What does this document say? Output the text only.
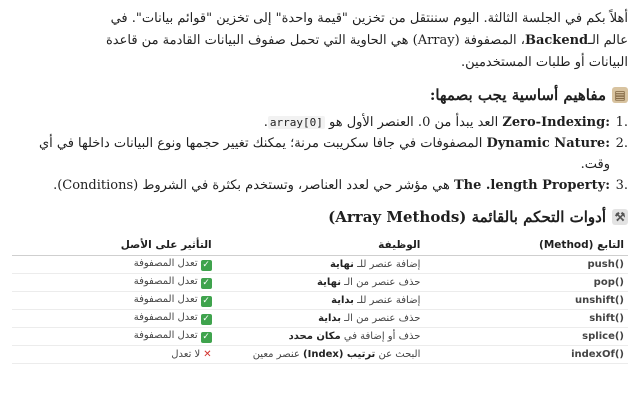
أهلاً بكم في الجلسة الثالثة. اليوم سننتقل من تخزين "قيمة واحدة" إلى تخزين "قوائم بيانات". في
عالم الـBackend، المصفوفة (Array) هي الحاوية التي تحمل صفوف البيانات القادمة من قاعدة
البيانات أو طلبات المستخدمين.
▤
مفاهيم أساسية يجب بصمها:
1.
Zero-Indexing: العد يبدأ من 0. العنصر الأول هو array[0].
2.
Dynamic Nature: المصفوفات في جافا سكريبت مرنة؛ يمكنك تغيير حجمها ونوع البيانات داخلها في أي وقت.
3.
The .length Property: هي مؤشر حي لعدد العناصر، وتستخدم بكثرة في الشروط (Conditions).
⚒
أدوات التحكم بالقائمة (Array Methods)
التابع (Method)	الوظيفة	التأثير على الأصل
push()	إضافة عنصر للـ نهاية	✓تعدل المصفوفة
pop()	حذف عنصر من الـ نهاية	✓تعدل المصفوفة
unshift()	إضافة عنصر للـ بداية	✓تعدل المصفوفة
shift()	حذف عنصر من الـ بداية	✓تعدل المصفوفة
splice()	حذف أو إضافة في مكان محدد	✓تعدل المصفوفة
indexOf()	البحث عن ترتيب (Index) عنصر معين	✕لا تعدل
